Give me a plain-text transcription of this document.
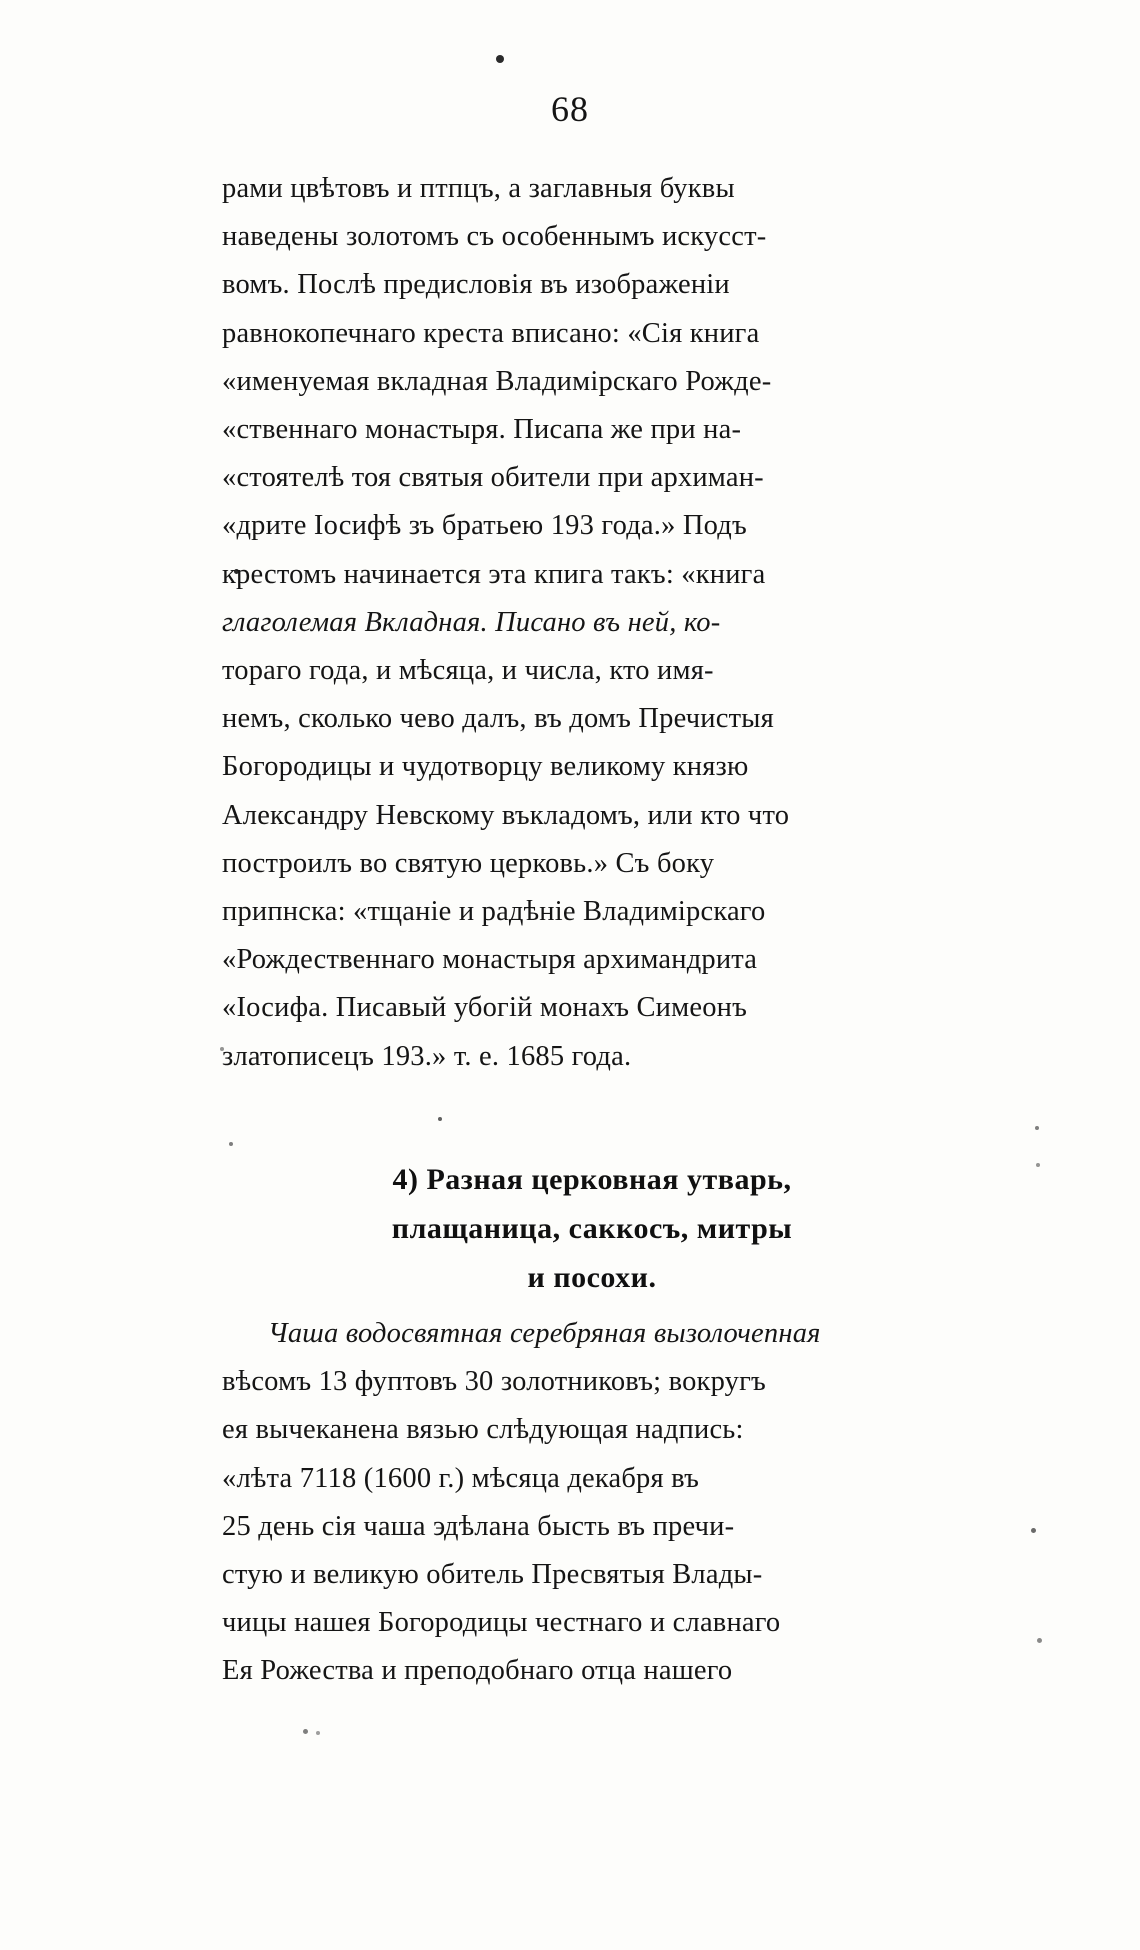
68
рами цвѣтовъ и птпцъ, а заглавныя буквы
наведены золотомъ съ особеннымъ искусст-
вомъ. Послѣ предисловія въ изображеніи
равнокопечнаго креста вписано: «Сія книга
«именуемая вкладная Владимірскаго Рожде-
«ственнаго монастыря. Писапа же при на-
«стоятелѣ тоя святыя обители при архиман-
«дрите Іосифѣ зъ братьею 193 года.» Подъ
крестомъ начинается эта кпига такъ: «книга
глаголемая Вкладная. Писано въ ней, ко-
тораго года, и мѣсяца, и числа, кто имя-
немъ, сколько чево далъ, въ домъ Пречистыя
Богородицы и чудотворцу великому князю
Александру Невскому въкладомъ, или кто что
построилъ во святую церковь.» Съ боку
припнска: «тщаніе и радѣніе Владимірскаго
«Рождественнаго монастыря архимандрита
«Іосифа. Писавый убогій монахъ Симеонъ
златописецъ 193.» т. е. 1685 года.
4) Разная церковная утварь,
плащаница, саккосъ, митры
и посохи.
Чаша водосвятная серебряная вызолочепная
вѣсомъ 13 фуптовъ 30 золотниковъ; вокругъ
ея вычеканена вязью слѣдующая надпись:
«лѣта 7118 (1600 г.) мѣсяца декабря въ
25 день сія чаша эдѣлана бысть въ пречи-
стую и великую обитель Пресвятыя Влады-
чицы нашея Богородицы честнаго и славнаго
Ея Рожества и преподобнаго отца нашего
